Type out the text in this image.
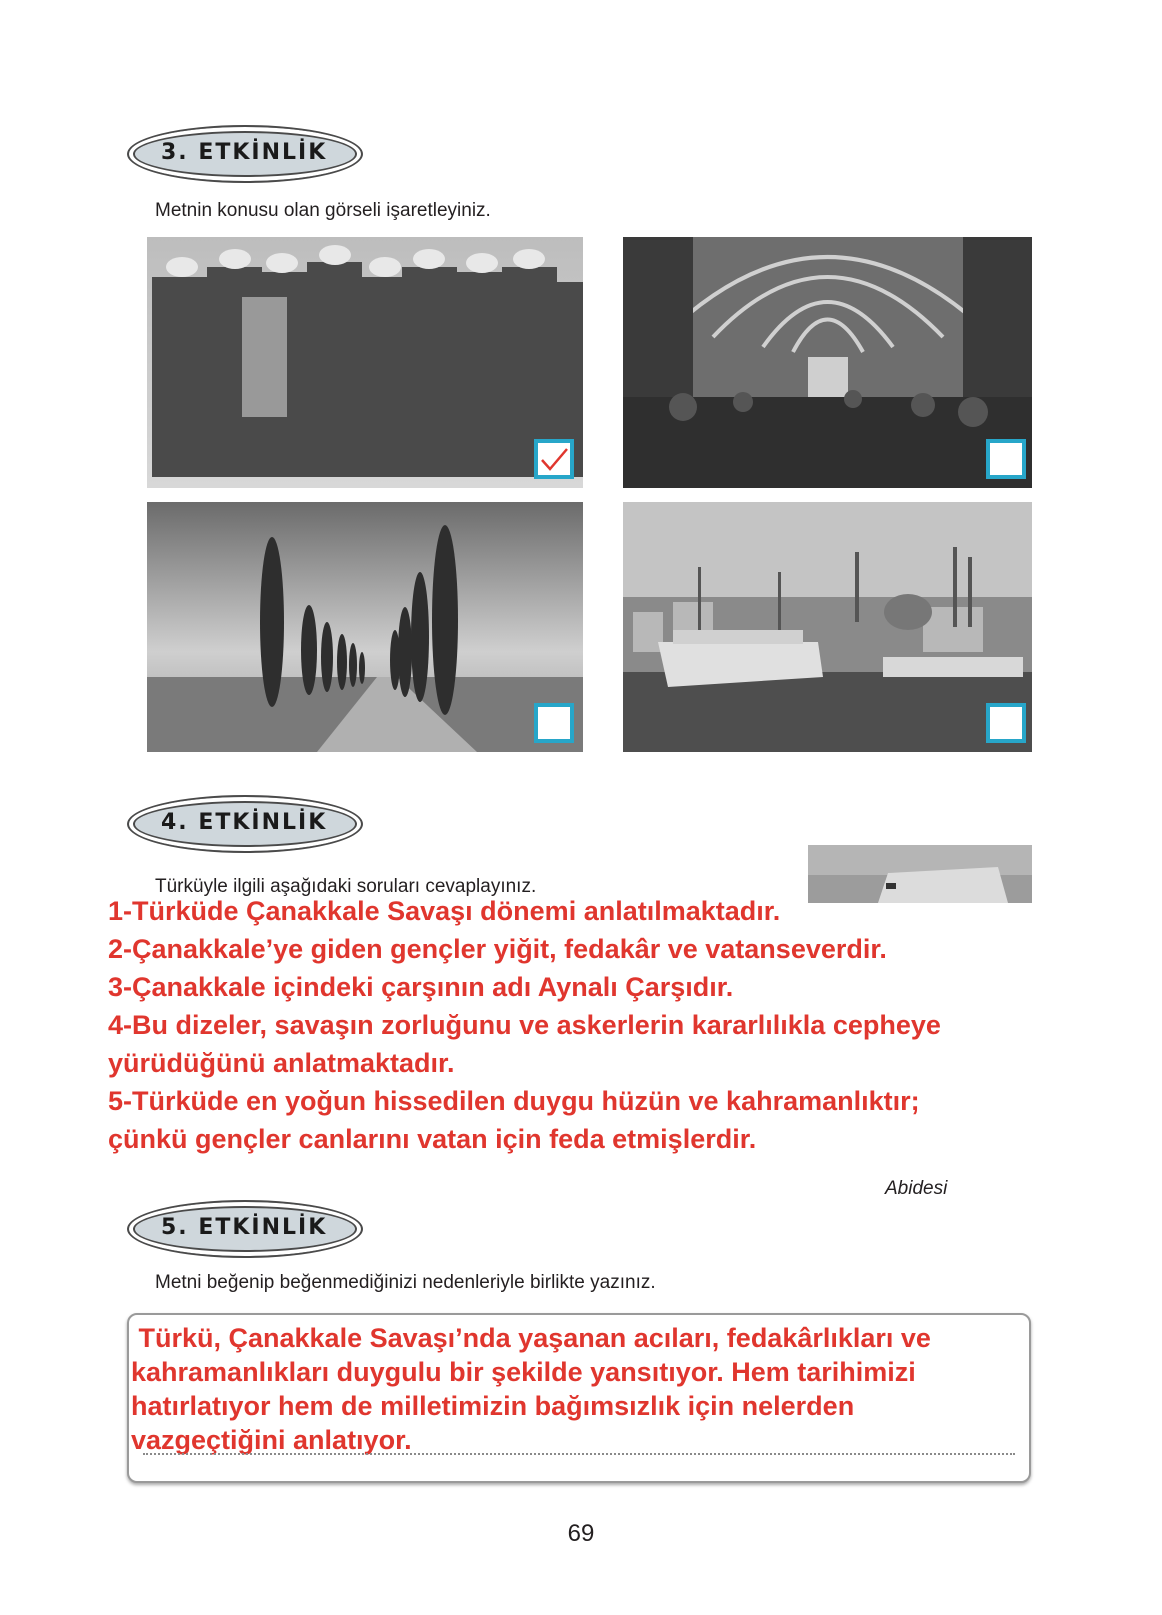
3. ETKİNLİK
Metnin konusu olan görseli işaretleyiniz.
4. ETKİNLİK
Türküyle ilgili aşağıdaki soruları cevaplayınız.
1-Türküde Çanakkale Savaşı dönemi anlatılmaktadır.
2-Çanakkale’ye giden gençler yiğit, fedakâr ve vatanseverdir.
3-Çanakkale içindeki çarşının adı Aynalı Çarşıdır.
4-Bu dizeler, savaşın zorluğunu ve askerlerin kararlılıkla cepheye
yürüdüğünü anlatmaktadır.
5-Türküde en yoğun hissedilen duygu hüzün ve kahramanlıktır;
çünkü gençler canlarını vatan için feda etmişlerdir.
Abidesi
5. ETKİNLİK
Metni beğenip beğenmediğinizi nedenleriyle birlikte yazınız.
Türkü, Çanakkale Savaşı’nda yaşanan acıları, fedakârlıkları ve
kahramanlıkları duygulu bir şekilde yansıtıyor. Hem tarihimizi
hatırlatıyor hem de milletimizin bağımsızlık için nelerden
vazgeçtiğini anlatıyor.
69
